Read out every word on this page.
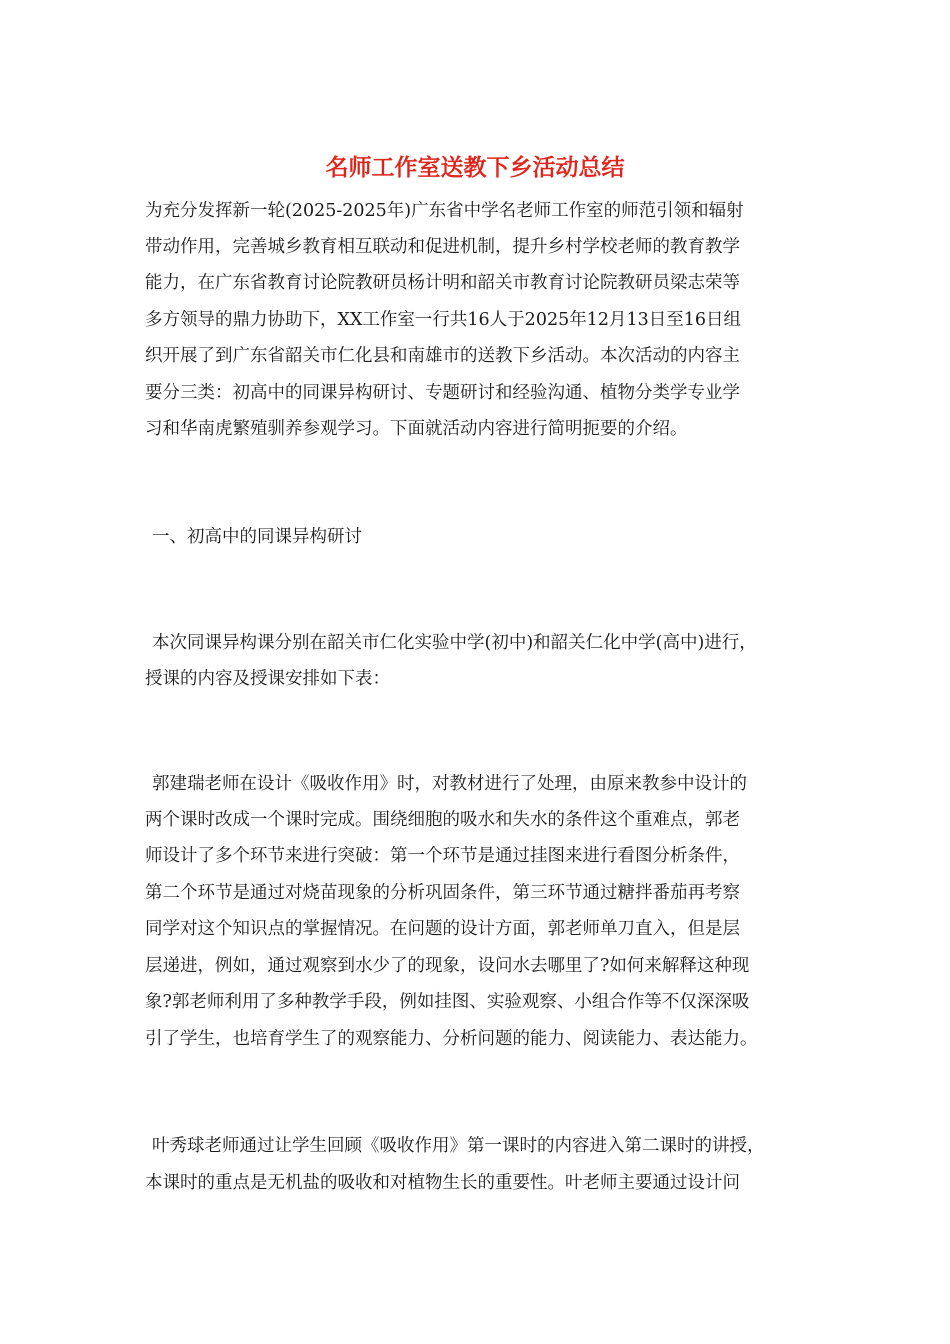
名师工作室送教下乡活动总结
为充分发挥新一轮(2025-2025年)广东省中学名老师工作室的师范引领和辐射
带动作用，完善城乡教育相互联动和促进机制，提升乡村学校老师的教育教学
能力，在广东省教育讨论院教研员杨计明和韶关市教育讨论院教研员梁志荣等
多方领导的鼎力协助下，XX工作室一行共16人于2025年12月13日至16日组
织开展了到广东省韶关市仁化县和南雄市的送教下乡活动。本次活动的内容主
要分三类：初高中的同课异构研讨、专题研讨和经验沟通、植物分类学专业学
习和华南虎繁殖驯养参观学习。下面就活动内容进行简明扼要的介绍。
一、初高中的同课异构研讨
本次同课异构课分别在韶关市仁化实验中学(初中)和韶关仁化中学(高中)进行，
授课的内容及授课安排如下表：
郭建瑞老师在设计《吸收作用》时，对教材进行了处理，由原来教参中设计的
两个课时改成一个课时完成。围绕细胞的吸水和失水的条件这个重难点，郭老
师设计了多个环节来进行突破：第一个环节是通过挂图来进行看图分析条件，
第二个环节是通过对烧苗现象的分析巩固条件，第三环节通过糖拌番茄再考察
同学对这个知识点的掌握情况。在问题的设计方面，郭老师单刀直入，但是层
层递进，例如，通过观察到水少了的现象，设问水去哪里了?如何来解释这种现
象?郭老师利用了多种教学手段，例如挂图、实验观察、小组合作等不仅深深吸
引了学生，也培育学生了的观察能力、分析问题的能力、阅读能力、表达能力。
叶秀球老师通过让学生回顾《吸收作用》第一课时的内容进入第二课时的讲授，
本课时的重点是无机盐的吸收和对植物生长的重要性。叶老师主要通过设计问
